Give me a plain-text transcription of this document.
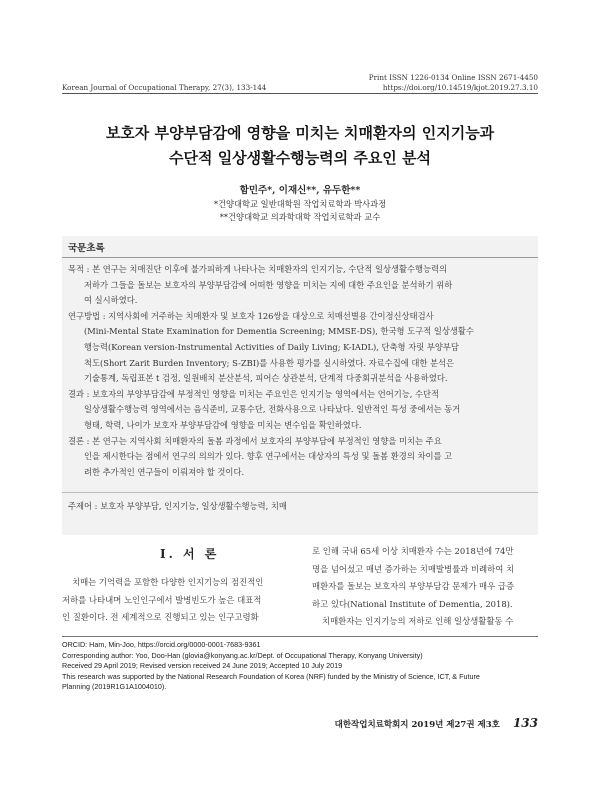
Korean Journal of Occupational Therapy, 27(3), 133-144
Print ISSN 1226-0134 Online ISSN 2671-4450
https://doi.org/10.14519/kjot.2019.27.3.10
보호자 부양부담감에 영향을 미치는 치매환자의 인지기능과
수단적 일상생활수행능력의 주요인 분석
함민주*, 이재신**, 유두한**
*건양대학교 일반대학원 작업치료학과 박사과정
**건양대학교 의과학대학 작업치료학과 교수
국문초록
목적 : 본 연구는 치매진단 이후에 불가피하게 나타나는 치매환자의 인지기능, 수단적 일상생활수행능력의
저하가 그들을 돌보는 보호자의 부양부담감에 어떠한 영향을 미치는 지에 대한 주요인을 분석하기 위하
여 실시하였다.
연구방법 : 지역사회에 거주하는 치매환자 및 보호자 126쌍을 대상으로 치매선별용 간이정신상태검사
(Mini-Mental State Examination for Dementia Screening; MMSE-DS), 한국형 도구적 일상생활수
행능력(Korean version-Instrumental Activities of Daily Living; K-IADL), 단축형 자릿 부양부담
척도(Short Zarit Burden Inventory; S-ZBI)를 사용한 평가를 실시하였다. 자료수집에 대한 분석은
기술통계, 독립표본 t 검정, 일원배치 분산분석, 피어슨 상관분석, 단계적 다중회귀분석을 사용하였다.
결과 : 보호자의 부양부담감에 부정적인 영향을 미치는 주요인은 인지기능 영역에서는 언어기능, 수단적
일상생활수행능력 영역에서는 음식준비, 교통수단, 전화사용으로 나타났다. 일반적인 특성 중에서는 동거
형태, 학력, 나이가 보호자 부양부담감에 영향을 미치는 변수임을 확인하였다.
결론 : 본 연구는 지역사회 치매환자의 돌봄 과정에서 보호자의 부양부담에 부정적인 영향을 미치는 주요
인을 제시한다는 점에서 연구의 의의가 있다. 향후 연구에서는 대상자의 특성 및 돌봄 환경의 차이를 고
려한 추가적인 연구들이 이뤄져야 할 것이다.
주제어 : 보호자 부양부담, 인지기능, 일상생활수행능력, 치매
Ⅰ. 서 론
치매는 기억력을 포함한 다양한 인지기능의 점진적인
저하를 나타내며 노인인구에서 발병빈도가 높은 대표적
인 질환이다. 전 세계적으로 진행되고 있는 인구고령화
로 인해 국내 65세 이상 치매환자 수는 2018년에 74만
명을 넘어섰고 매년 증가하는 치매발병률과 비례하여 치
매환자를 돌보는 보호자의 부양부담감 문제가 매우 급증
하고 있다(National Institute of Dementia, 2018).
치매환자는 인지기능의 저하로 인해 일상생활활동 수
ORCID: Ham, Min-Joo, https://orcid.org/0000-0001-7683-9361
Corresponding author: Yoo, Doo-Han (glovia@konyang.ac.kr/Dept. of Occupational Therapy, Konyang University)
Received 29 April 2019; Revised version received 24 June 2019; Accepted 10 July 2019
This research was supported by the National Research Foundation of Korea (NRF) funded by the Ministry of Science, ICT, & Future
Planning (2019R1G1A1004010).
대한작업치료학회지 2019년 제27권 제3호 133
